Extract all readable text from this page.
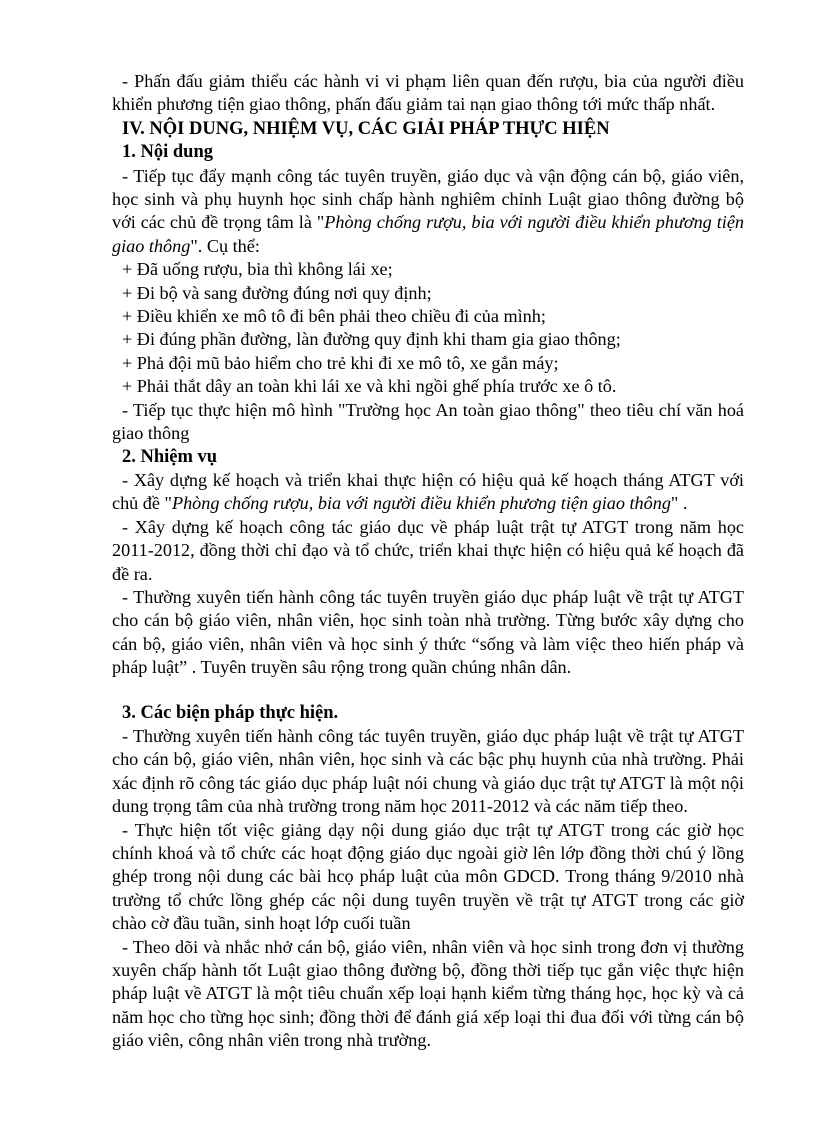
- Phấn đấu giảm thiểu các hành vi vi phạm liên quan đến rượu, bia của người điều khiển phương tiện giao thông, phấn đấu giảm tai nạn giao thông tới mức thấp nhất.

IV. NỘI DUNG, NHIỆM VỤ, CÁC GIẢI PHÁP THỰC HIỆN

1. Nội dung

- Tiếp tục đẩy mạnh công tác tuyên truyền, giáo dục và vận động cán bộ, giáo viên, học sinh và phụ huynh học sinh chấp hành nghiêm chỉnh Luật giao thông đường bộ với các chủ đề trọng tâm là "Phòng chống rượu, bia với người điều khiển phương tiện giao thông". Cụ thể:

+ Đã uống rượu, bia thì không lái xe;

+ Đi bộ và sang đường đúng nơi quy định;

+ Điều khiển xe mô tô đi bên phải theo chiều đi của mình;

+ Đi đúng phần đường, làn đường quy định khi tham gia giao thông;

+ Phả đội mũ bảo hiểm cho trẻ khi đi xe mô tô, xe gắn máy;

+ Phải thắt dây an toàn khi lái xe và khi ngồi ghế phía trước xe ô tô.

- Tiếp tục thực hiện mô hình "Trường học An toàn giao thông" theo tiêu chí văn hoá giao thông

2. Nhiệm vụ

- Xây dựng kế hoạch và triển khai thực hiện có hiệu quả kế hoạch tháng ATGT với chủ đề "Phòng chống rượu, bia với người điều khiển phương tiện giao thông" .

- Xây dựng kế hoạch công tác giáo dục về pháp luật trật tự ATGT trong năm học 2011-2012, đồng thời chỉ đạo và tổ chức, triển khai thực hiện có hiệu quả kế hoạch đã đề ra.

- Thường xuyên tiến hành công tác tuyên truyền giáo dục pháp luật về trật tự ATGT cho cán bộ giáo viên, nhân viên, học sinh toàn nhà trường. Từng bước xây dựng cho cán bộ, giáo viên, nhân viên và học sinh ý thức “sống và làm việc theo hiến pháp và pháp luật” . Tuyên truyền sâu rộng trong quần chúng nhân dân.

3. Các biện pháp thực hiện.

- Thường xuyên tiến hành công tác tuyên truyền, giáo dục pháp luật về trật tự ATGT cho cán bộ, giáo viên, nhân viên, học sinh và các bậc phụ huynh của nhà trường. Phải xác định rõ công tác giáo dục pháp luật nói chung và giáo dục trật tự ATGT là một nội dung trọng tâm của nhà trường trong năm học 2011-2012 và các năm tiếp theo.

- Thực hiện tốt việc giảng dạy nội dung giáo dục trật tự ATGT trong các giờ học chính khoá và tổ chức các hoạt động giáo dục ngoài giờ lên lớp đồng thời chú ý lồng ghép trong nội dung các bài hcọ pháp luật của môn GDCD. Trong tháng 9/2010 nhà trường tổ chức lồng ghép các nội dung tuyên truyền về trật tự ATGT trong các giờ chào cờ đầu tuần, sinh hoạt lớp cuối tuần

- Theo dõi và nhắc nhở cán bộ, giáo viên, nhân viên và học sinh trong đơn vị thường xuyên chấp hành tốt Luật giao thông đường bộ, đồng thời tiếp tục gắn việc thực hiện pháp luật về ATGT là một tiêu chuẩn xếp loại hạnh kiểm từng tháng học, học kỳ và cả năm học cho từng học sinh; đồng thời để đánh giá xếp loại thi đua đối với từng cán bộ giáo viên, công nhân viên trong nhà trường.
